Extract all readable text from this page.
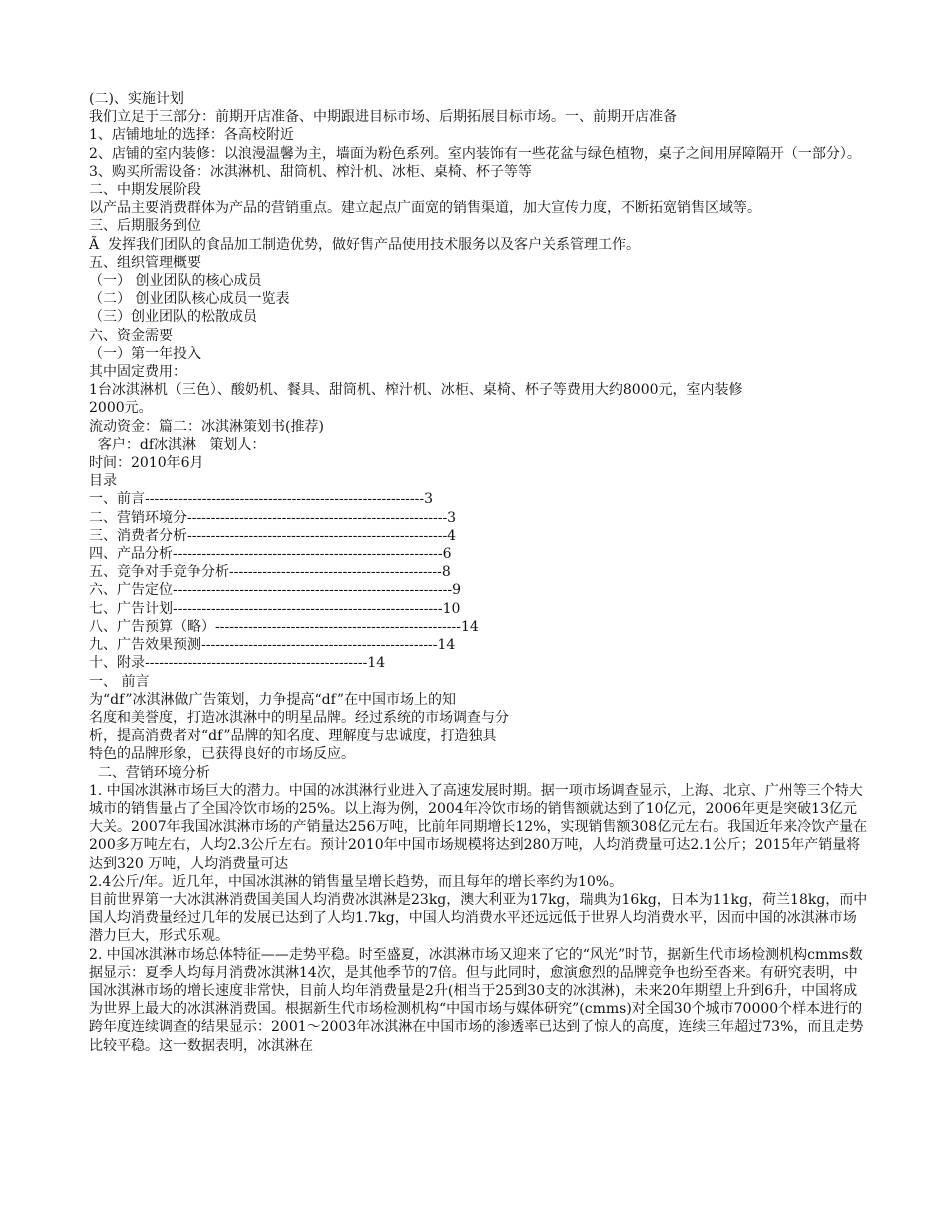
(二)、实施计划
我们立足于三部分：前期开店准备、中期跟进目标市场、后期拓展目标市场。一、前期开店准备
1、店铺地址的选择：各高校附近
2、店铺的室内装修：以浪漫温馨为主，墙面为粉色系列。室内装饰有一些花盆与绿色植物，桌子之间用屏障隔开（一部分）。
3、购买所需设备：冰淇淋机、甜筒机、榨汁机、冰柜、桌椅、杯子等等
二、中期发展阶段
以产品主要消费群体为产品的营销重点。建立起点广面宽的销售渠道，加大宣传力度，不断拓宽销售区域等。
三、后期服务到位
Ã  发挥我们团队的食品加工制造优势，做好售产品使用技术服务以及客户关系管理工作。
五、组织管理概要
（一） 创业团队的核心成员
（二） 创业团队核心成员一览表
（三）创业团队的松散成员
六、资金需要
（一）第一年投入
其中固定费用：
1台冰淇淋机（三色）、酸奶机、餐具、甜筒机、榨汁机、冰柜、桌椅、杯子等费用大约8000元，室内装修
2000元。
流动资金：篇二：冰淇淋策划书(推荐)
客户：df冰淇淋   策划人：
时间：2010年6月
目录
一、前言-----------------------------------------------------------3
二、营销环境分-------------------------------------------------------3
三、消费者分析-------------------------------------------------------4
四、产品分析---------------------------------------------------------6
五、竞争对手竞争分析---------------------------------------------8
六、广告定位-----------------------------------------------------------9
七、广告计划---------------------------------------------------------10
八、广告预算（略）----------------------------------------------------14
九、广告效果预测--------------------------------------------------14
十、附录-----------------------------------------------14
一、 前言
为“df”冰淇淋做广告策划，力争提高“df”在中国市场上的知
名度和美誉度，打造冰淇淋中的明星品牌。经过系统的市场调查与分
析，提高消费者对“df”品牌的知名度、理解度与忠诚度，打造独具
特色的品牌形象，已获得良好的市场反应。
二、营销环境分析
1. 中国冰淇淋市场巨大的潜力。中国的冰淇淋行业进入了高速发展时期。据一项市场调查显示，上海、北京、广州等三个特大城市的销售量占了全国冷饮市场的25%。以上海为例，2004年冷饮市场的销售额就达到了10亿元，2006年更是突破13亿元大关。2007年我国冰淇淋市场的产销量达256万吨，比前年同期增长12%，实现销售额308亿元左右。我国近年来冷饮产量在200多万吨左右，人均2.3公斤左右。预计2010年中国市场规模将达到280万吨，人均消费量可达2.1公斤；2015年产销量将达到320 万吨，人均消费量可达
2.4公斤/年。近几年，中国冰淇淋的销售量呈增长趋势，而且每年的增长率约为10%。
目前世界第一大冰淇淋消费国美国人均消费冰淇淋是23kg，澳大利亚为17kg，瑞典为16kg，日本为11kg，荷兰18kg，而中国人均消费量经过几年的发展已达到了人均1.7kg，中国人均消费水平还远远低于世界人均消费水平，因而中国的冰淇淋市场潜力巨大，形式乐观。
2. 中国冰淇淋市场总体特征——走势平稳。时至盛夏，冰淇淋市场又迎来了它的“风光”时节，据新生代市场检测机构cmms数据显示：夏季人均每月消费冰淇淋14次，是其他季节的7倍。但与此同时，愈演愈烈的品牌竞争也纷至沓来。有研究表明，中国冰淇淋市场的增长速度非常快，目前人均年消费量是2升(相当于25到30支的冰淇淋)，未来20年期望上升到6升，中国将成为世界上最大的冰淇淋消费国。根据新生代市场检测机构“中国市场与媒体研究”(cmms)对全国30个城市70000个样本进行的跨年度连续调查的结果显示：2001～2003年冰淇淋在中国市场的渗透率已达到了惊人的高度，连续三年超过73%，而且走势比较平稳。这一数据表明，冰淇淋在
